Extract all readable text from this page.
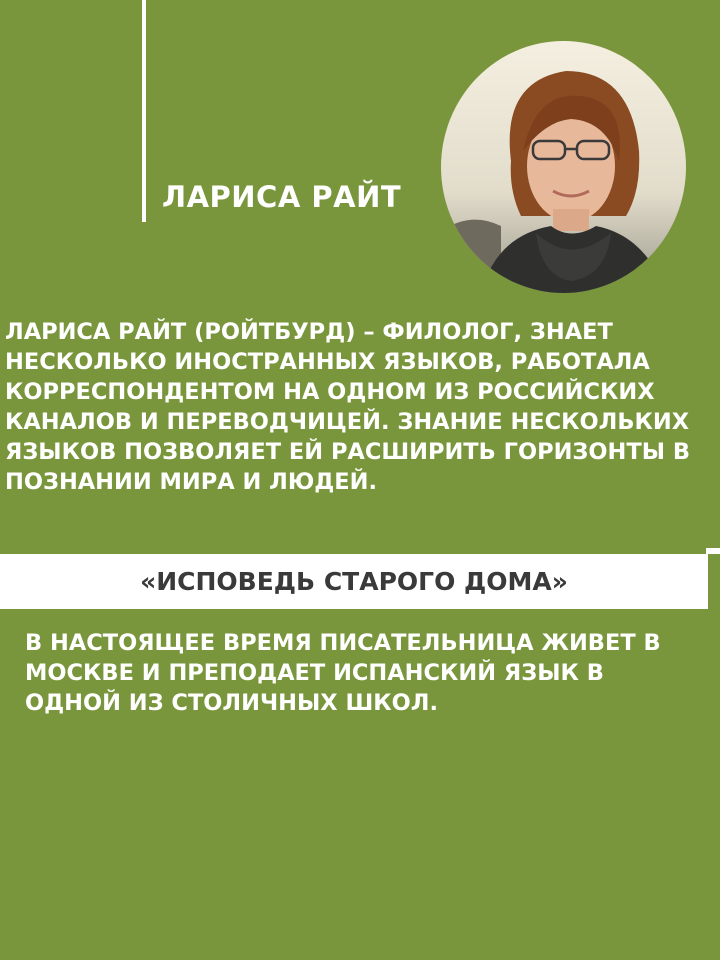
ЛАРИСА РАЙТ
ЛАРИСА РАЙТ (РОЙТБУРД) – ФИЛОЛОГ, ЗНАЕТ НЕСКОЛЬКО ИНОСТРАННЫХ ЯЗЫКОВ, РАБОТАЛА КОРРЕСПОНДЕНТОМ НА ОДНОМ ИЗ РОССИЙСКИХ КАНАЛОВ И ПЕРЕВОДЧИЦЕЙ. ЗНАНИЕ НЕСКОЛЬКИХ ЯЗЫКОВ ПОЗВОЛЯЕТ ЕЙ РАСШИРИТЬ ГОРИЗОНТЫ В ПОЗНАНИИ МИРА И ЛЮДЕЙ.
«ИСПОВЕДЬ СТАРОГО ДОМА»
В НАСТОЯЩЕЕ ВРЕМЯ ПИСАТЕЛЬНИЦА ЖИВЕТ В МОСКВЕ И ПРЕПОДАЕТ ИСПАНСКИЙ ЯЗЫК В ОДНОЙ ИЗ СТОЛИЧНЫХ ШКОЛ.
